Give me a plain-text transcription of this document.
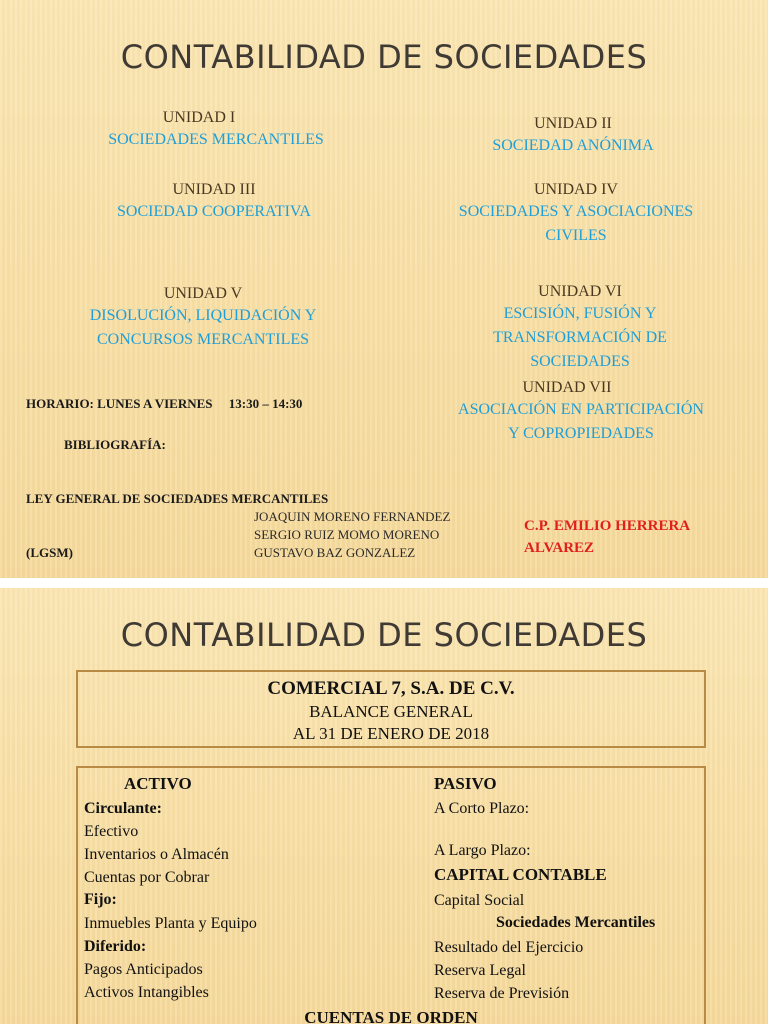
CONTABILIDAD DE SOCIEDADES
UNIDAD I
SOCIEDADES MERCANTILES
UNIDAD II
SOCIEDAD ANÓNIMA
UNIDAD III
SOCIEDAD COOPERATIVA
UNIDAD IV
SOCIEDADES Y ASOCIACIONES
CIVILES
UNIDAD V
DISOLUCIÓN, LIQUIDACIÓN Y
CONCURSOS MERCANTILES
UNIDAD VI
ESCISIÓN, FUSIÓN Y
TRANSFORMACIÓN DE
SOCIEDADES
UNIDAD VII
ASOCIACIÓN EN PARTICIPACIÓN
Y COPROPIEDADES
HORARIO: LUNES A VIERNES     13:30 – 14:30
BIBLIOGRAFÍA:

LEY GENERAL DE SOCIEDADES MERCANTILES

(LGSM)

JOAQUIN MORENO FERNANDEZ
SERGIO RUIZ MOMO MORENO
GUSTAVO BAZ GONZALEZ
C.P. EMILIO HERRERA
ALVAREZ
CONTABILIDAD DE SOCIEDADES
COMERCIAL 7, S.A. DE C.V.
BALANCE GENERAL
AL 31 DE ENERO DE 2018
ACTIVO
Circulante:
Efectivo
Inventarios o Almacén
Cuentas por Cobrar
Fijo:
Inmuebles Planta y Equipo
Diferido:
Pagos Anticipados
Activos Intangibles
PASIVO
A Corto Plazo:
A Largo Plazo:
CAPITAL CONTABLE
Capital Social
Sociedades Mercantiles
Resultado del Ejercicio
Reserva Legal
Reserva de Previsión
CUENTAS DE ORDEN
